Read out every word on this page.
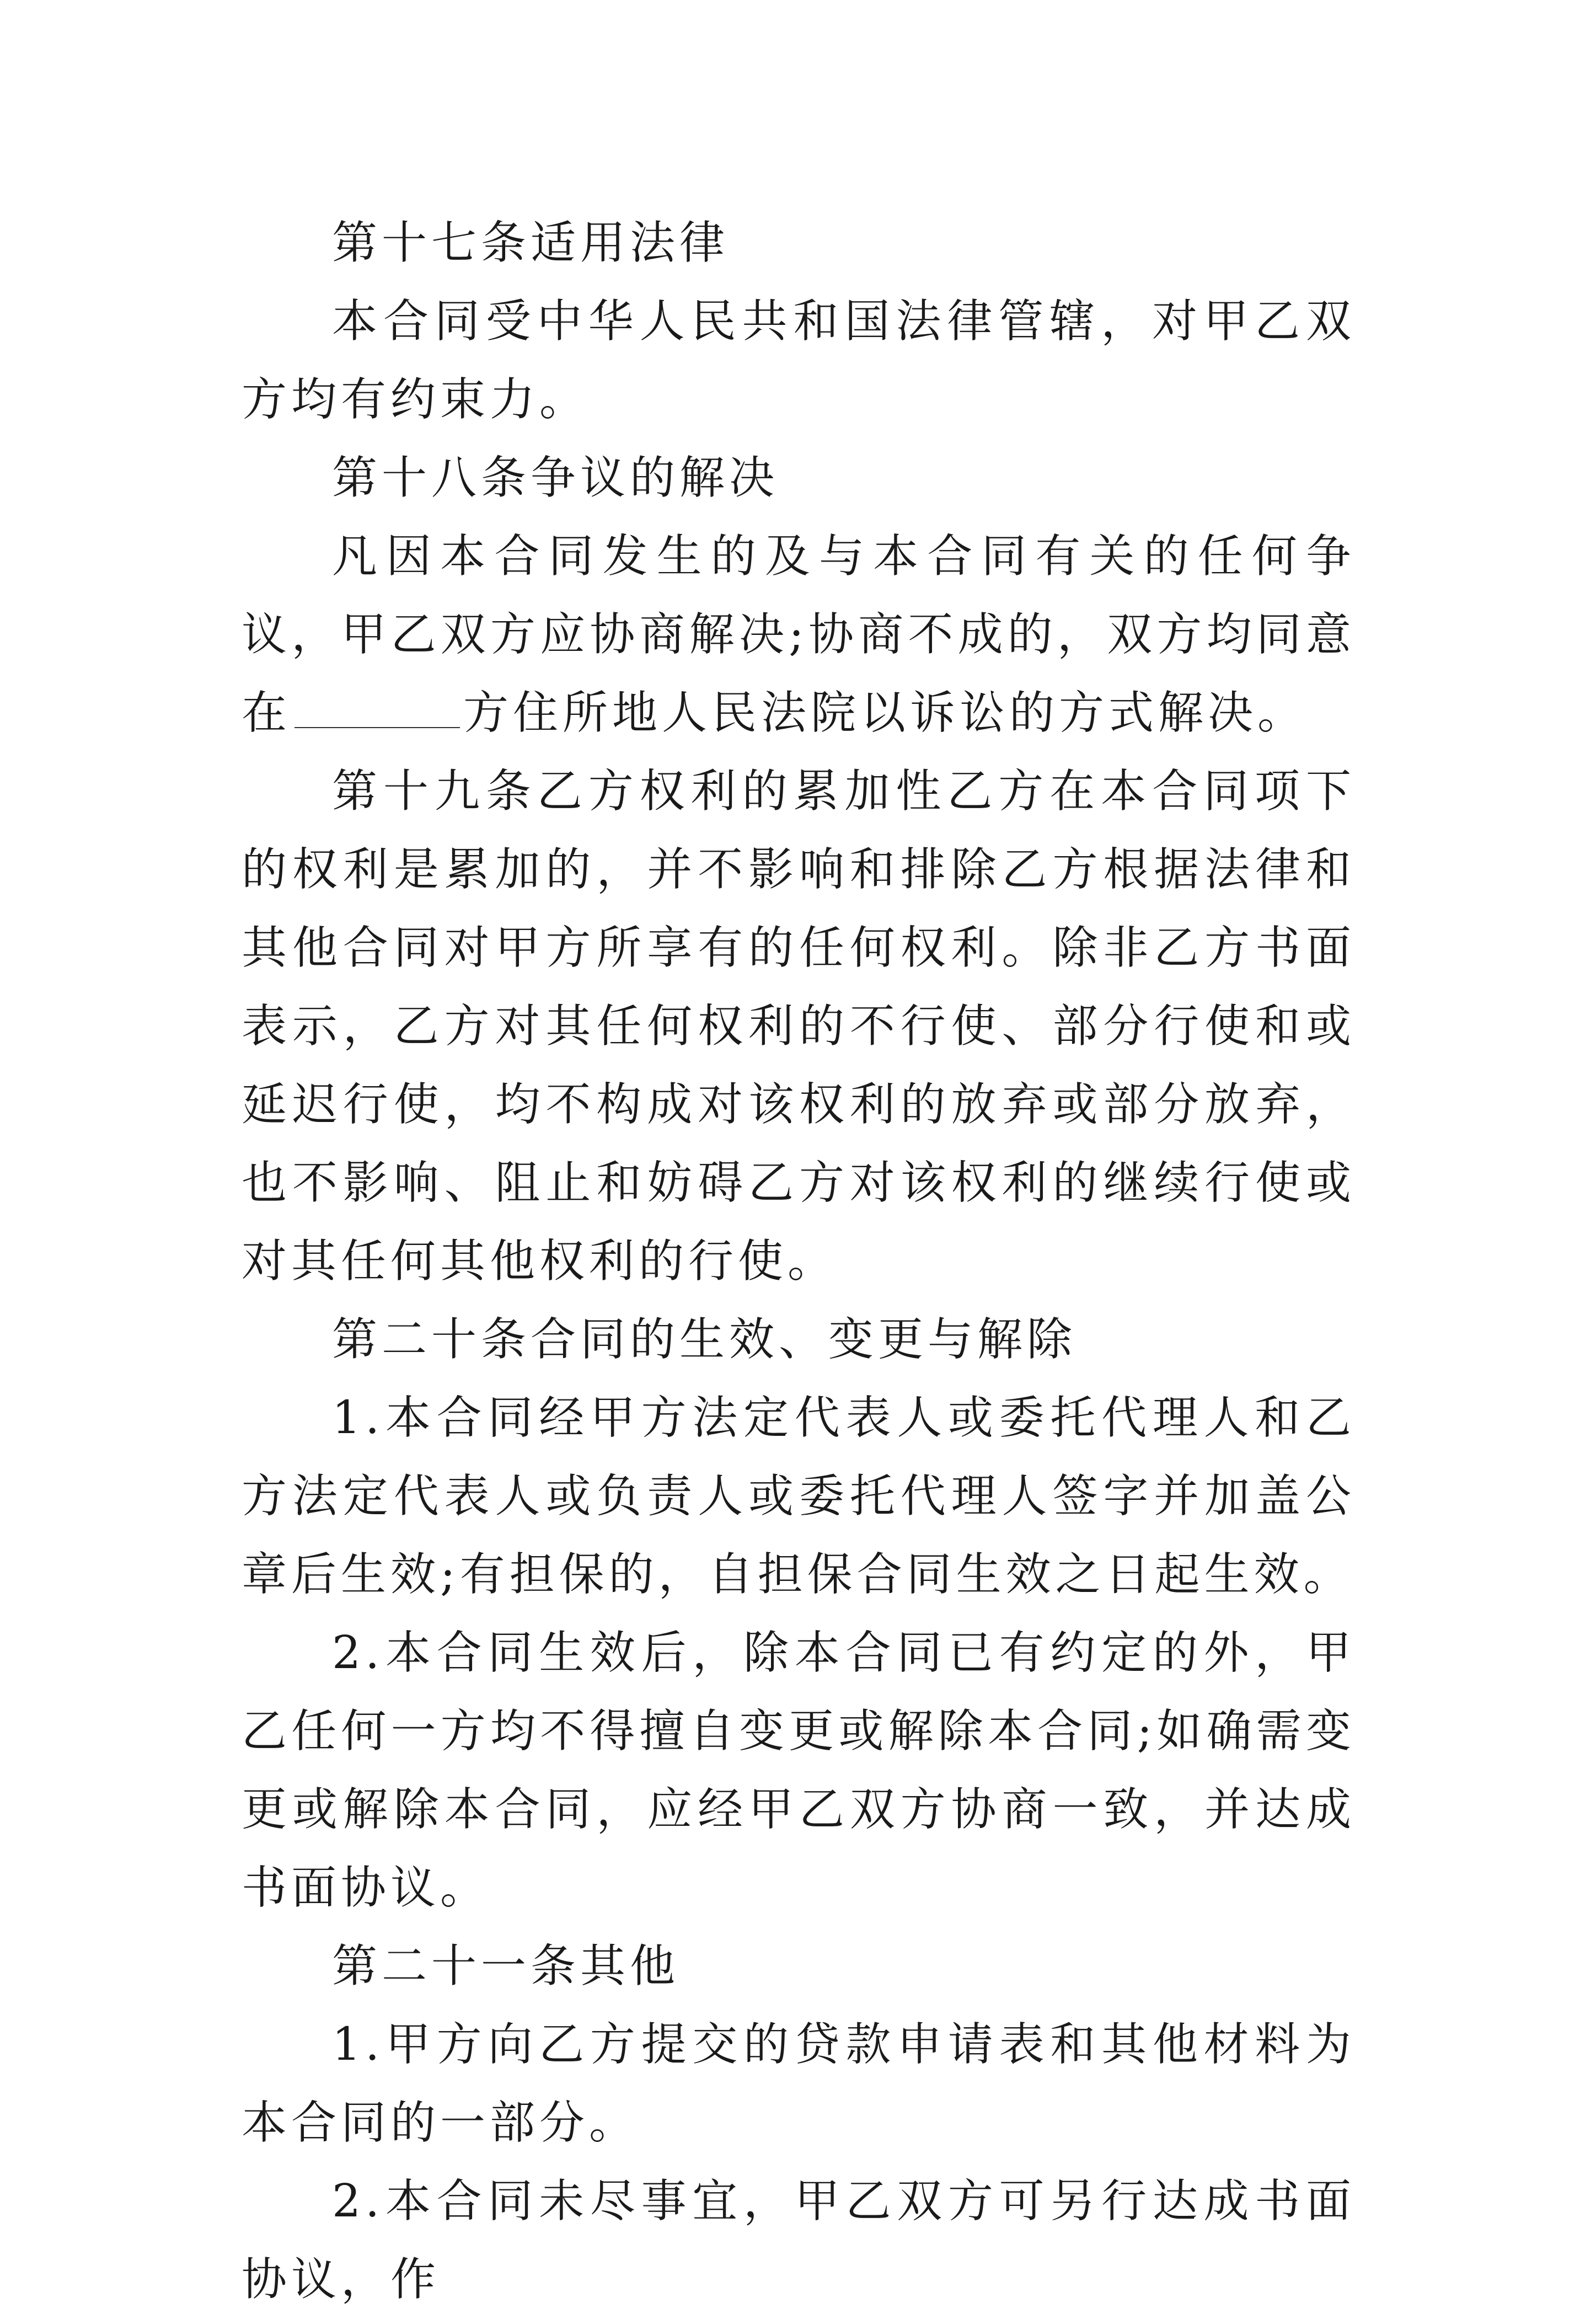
第十七条适用法律

本合同受中华人民共和国法律管辖，对甲乙双方均有约束力。

第十八条争议的解决

凡因本合同发生的及与本合同有关的任何争议，甲乙双方应协商解决;协商不成的，双方均同意在	方住所地人民法院以诉讼的方式解决。

第十九条乙方权利的累加性乙方在本合同项下的权利是累加的，并不影响和排除乙方根据法律和其他合同对甲方所享有的任何权利。除非乙方书面表示，乙方对其任何权利的不行使、部分行使和或延迟行使，均不构成对该权利的放弃或部分放弃，也不影响、阻止和妨碍乙方对该权利的继续行使或对其任何其他权利的行使。

第二十条合同的生效、变更与解除

1.本合同经甲方法定代表人或委托代理人和乙方法定代表人或负责人或委托代理人签字并加盖公章后生效;有担保的，自担保合同生效之日起生效。

2.本合同生效后，除本合同已有约定的外，甲乙任何一方均不得擅自变更或解除本合同;如确需变更或解除本合同，应经甲乙双方协商一致，并达成书面协议。

第二十一条其他

1.甲方向乙方提交的贷款申请表和其他材料为本合同的一部分。

2.本合同未尽事宜，甲乙双方可另行达成书面协议，作
